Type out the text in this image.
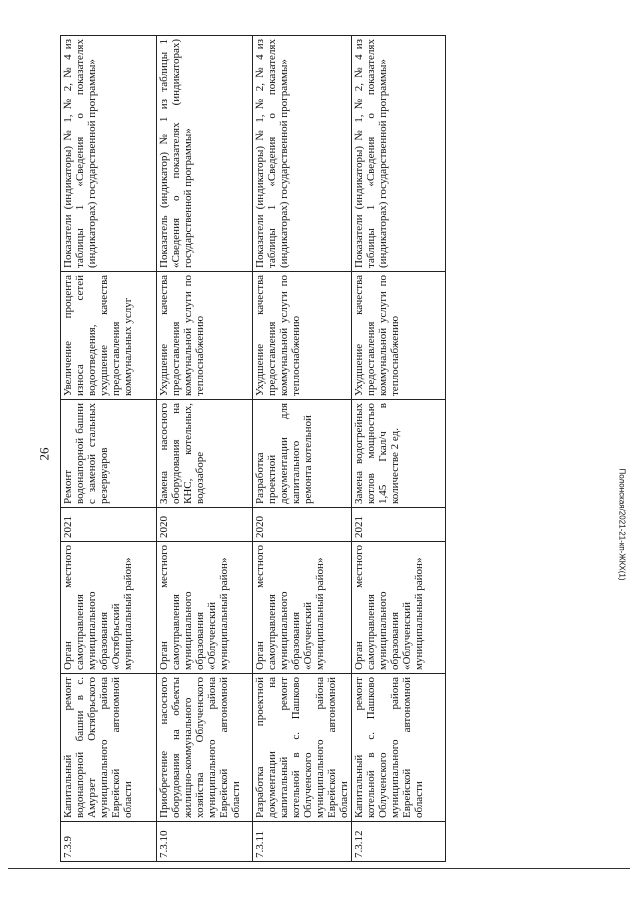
26
Полонская/2021-21-кп-ЖКХ(1)
7.3.9	Капитальный ремонт водонапорной башни в с. Амурзет Октябрьского муниципального района Еврейской автономной области	Орган местного самоуправления муниципального образования «Октябрьский муниципальный район»	2021	Ремонт водонапорной башни с заменой стальных резервуаров	Увеличение процента износа сетей водоотведения, ухудшение качества предоставления коммунальных услуг	Показатели (индикаторы) № 1, № 2, № 4 из таблицы 1 «Сведения о показателях (индикаторах) государственной программы»
7.3.10	Приобретение насосного оборудования на объекты жилищно-коммунального хозяйства Облученского муниципального района Еврейской автономной области	Орган местного самоуправления муниципального образования «Облученский муниципальный район»	2020	Замена насосного оборудования на КНС, котельных, водозаборе	Ухудшение качества предоставления коммунальной услуги по теплоснабжению	Показатель (индикатор) № 1 из таблицы 1 «Сведения о показателях (индикаторах) государственной программы»
7.3.11	Разработка проектной документации на капитальный ремонт котельной в с. Пашково Облученского муниципального района Еврейской автономной области	Орган местного самоуправления муниципального образования «Облученский муниципальный район»	2020	Разработка проектной документации для капитального ремонта котельной	Ухудшение качества предоставления коммунальной услуги по теплоснабжению	Показатели (индикаторы) № 1, № 2, № 4 из таблицы 1 «Сведения о показателях (индикаторах) государственной программы»
7.3.12	Капитальный ремонт котельной в с. Пашково Облученского муниципального района Еврейской автономной области	Орган местного самоуправления муниципального образования «Облученский муниципальный район»	2021	Замена водогрейных котлов мощностью 1,45 Гкал/ч в количестве 2 ед.	Ухудшение качества предоставления коммунальной услуги по теплоснабжению	Показатели (индикаторы) № 1, № 2, № 4 из таблицы 1 «Сведения о показателях (индикаторах) государственной программы»
